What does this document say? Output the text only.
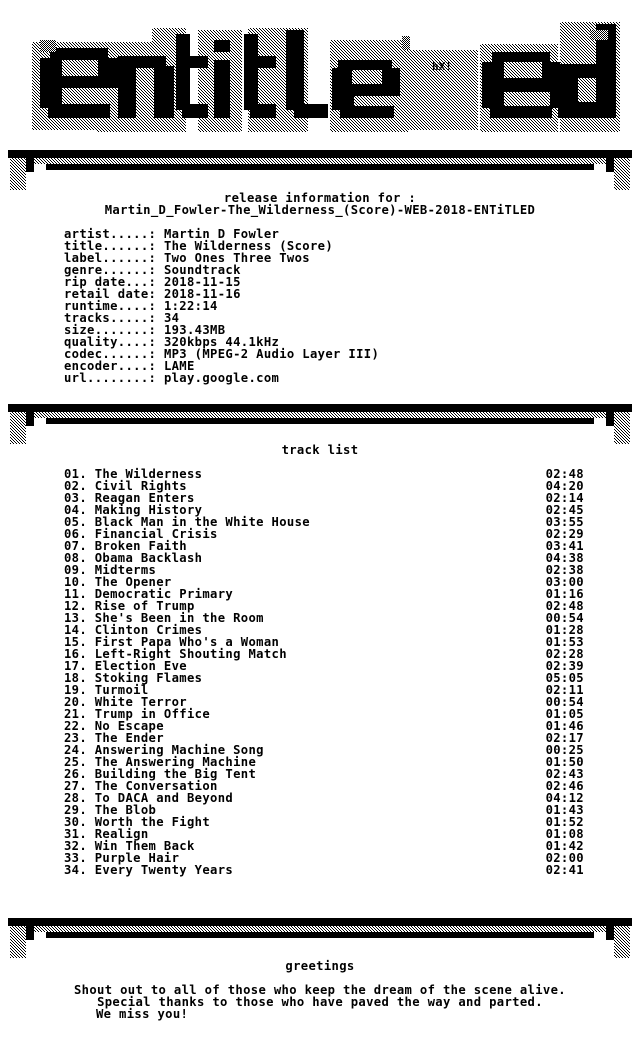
hX!
release information for :
Martin_D_Fowler-The_Wilderness_(Score)-WEB-2018-ENTiTLED
artist.....: Martin D Fowler
title......: The Wilderness (Score)
label......: Two Ones Three Twos
genre......: Soundtrack
rip date...: 2018-11-15
retail date: 2018-11-16
runtime....: 1:22:14
tracks.....: 34
size.......: 193.43MB
quality....: 320kbps 44.1kHz
codec......: MP3 (MPEG-2 Audio Layer III)
encoder....: LAME
url........: play.google.com
track list
01. The Wilderness	02:48
02. Civil Rights	04:20
03. Reagan Enters	02:14
04. Making History	02:45
05. Black Man in the White House	03:55
06. Financial Crisis	02:29
07. Broken Faith	03:41
08. Obama Backlash	04:38
09. Midterms	02:38
10. The Opener	03:00
11. Democratic Primary	01:16
12. Rise of Trump	02:48
13. She's Been in the Room	00:54
14. Clinton Crimes	01:28
15. First Papa Who's a Woman	01:53
16. Left-Right Shouting Match	02:28
17. Election Eve	02:39
18. Stoking Flames	05:05
19. Turmoil	02:11
20. White Terror	00:54
21. Trump in Office	01:05
22. No Escape	01:46
23. The Ender	02:17
24. Answering Machine Song	00:25
25. The Answering Machine	01:50
26. Building the Big Tent	02:43
27. The Conversation	02:46
28. To DACA and Beyond	04:12
29. The Blob	01:43
30. Worth the Fight	01:52
31. Realign	01:08
32. Win Them Back	01:42
33. Purple Hair	02:00
34. Every Twenty Years	02:41
greetings
Shout out to all of those who keep the dream of the scene alive.
Special thanks to those who have paved the way and parted.
We miss you!
